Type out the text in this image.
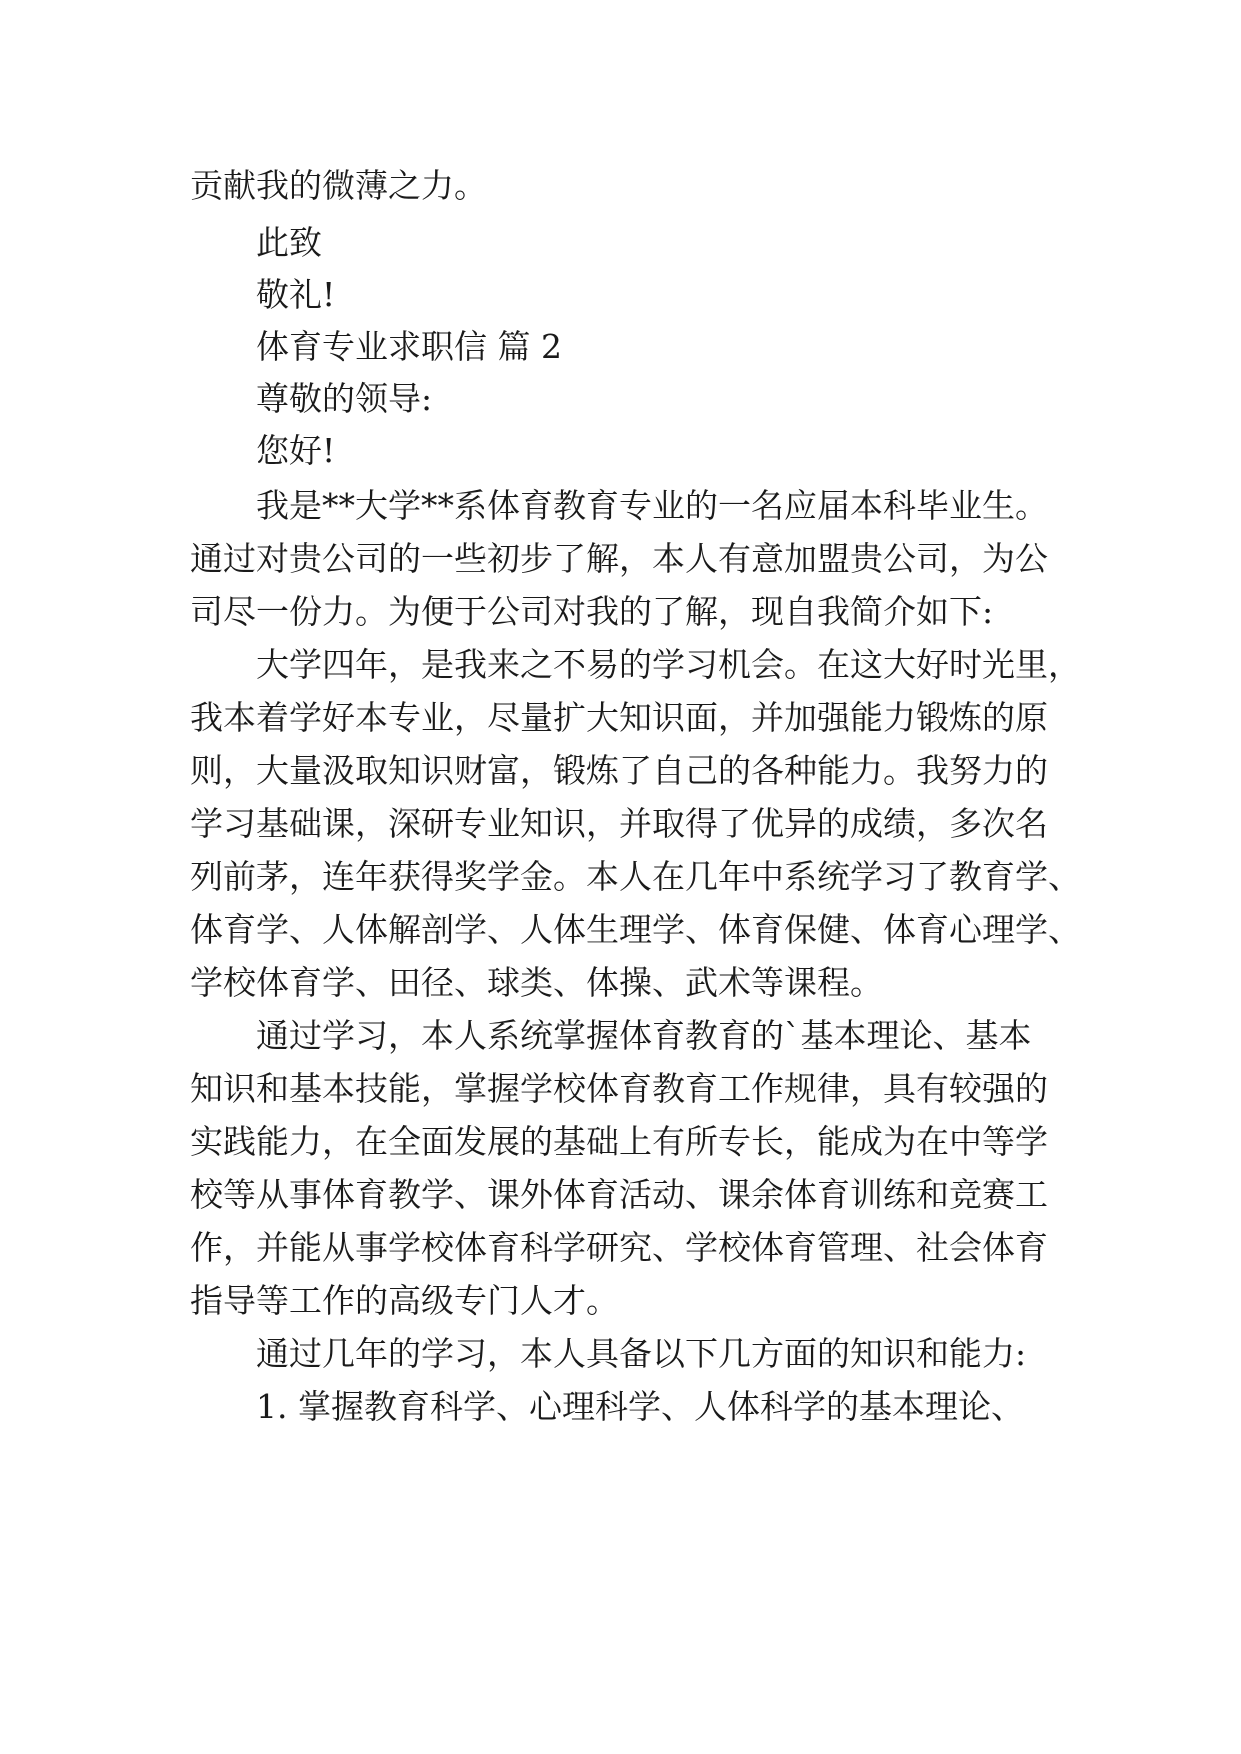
贡献我的微薄之力。
此致
敬礼!
体育专业求职信 篇 2
尊敬的领导:
您好!
我是**大学**系体育教育专业的一名应届本科毕业生。
通过对贵公司的一些初步了解，本人有意加盟贵公司，为公
司尽一份力。为便于公司对我的了解，现自我简介如下:
大学四年，是我来之不易的学习机会。在这大好时光里，
我本着学好本专业，尽量扩大知识面，并加强能力锻炼的原
则，大量汲取知识财富，锻炼了自己的各种能力。我努力的
学习基础课，深研专业知识，并取得了优异的成绩，多次名
列前茅，连年获得奖学金。本人在几年中系统学习了教育学、
体育学、人体解剖学、人体生理学、体育保健、体育心理学、
学校体育学、田径、球类、体操、武术等课程。
通过学习，本人系统掌握体育教育的`基本理论、基本
知识和基本技能，掌握学校体育教育工作规律，具有较强的
实践能力，在全面发展的基础上有所专长，能成为在中等学
校等从事体育教学、课外体育活动、课余体育训练和竞赛工
作，并能从事学校体育科学研究、学校体育管理、社会体育
指导等工作的高级专门人才。
通过几年的学习，本人具备以下几方面的知识和能力:
1. 掌握教育科学、心理科学、人体科学的基本理论、
